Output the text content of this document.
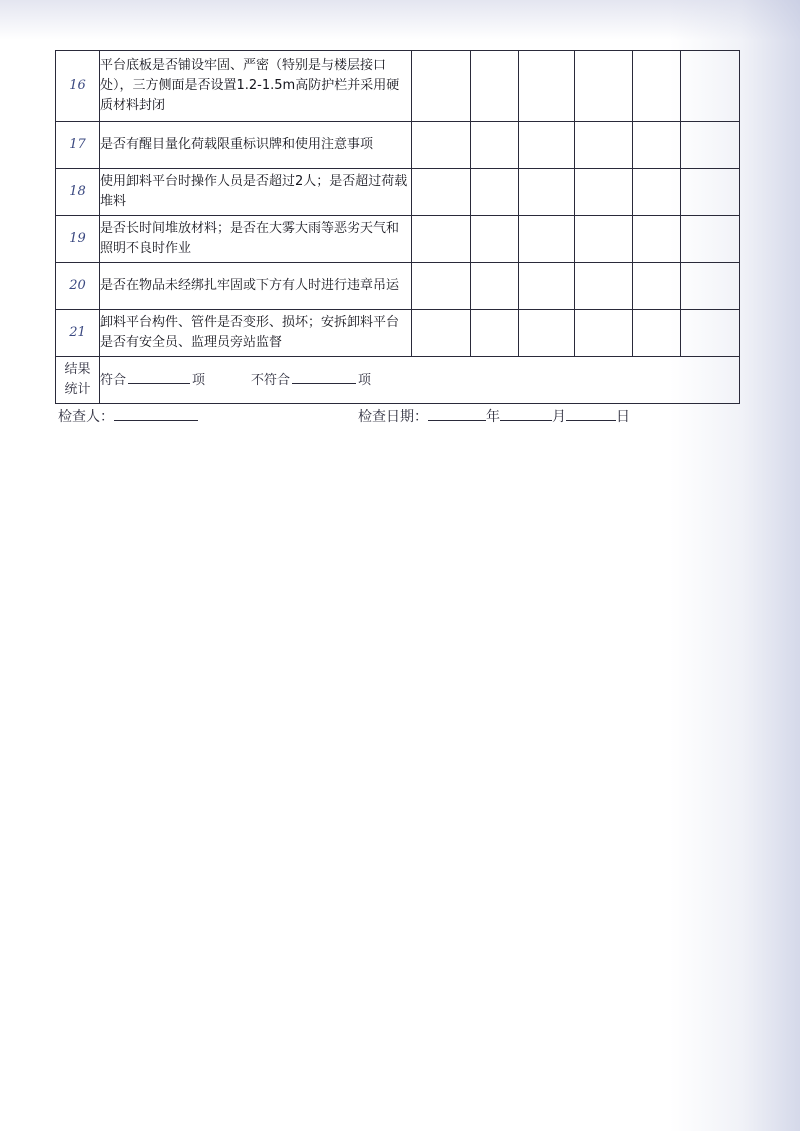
16	平台底板是否铺设牢固、严密（特别是与楼层接口处），三方侧面是否设置1.2-1.5m高防护栏并采用硬质材料封闭						
17	是否有醒目量化荷载限重标识牌和使用注意事项						
18	使用卸料平台时操作人员是否超过2人；是否超过荷载堆料						
19	是否长时间堆放材料；是否在大雾大雨等恶劣天气和照明不良时作业						
20	是否在物品未经绑扎牢固或下方有人时进行违章吊运						
21	卸料平台构件、管件是否变形、损坏；安拆卸料平台是否有安全员、监理员旁站监督						
结果
统计	符合 项 不符合 项						
检查人：	检查日期：	年	月	日
